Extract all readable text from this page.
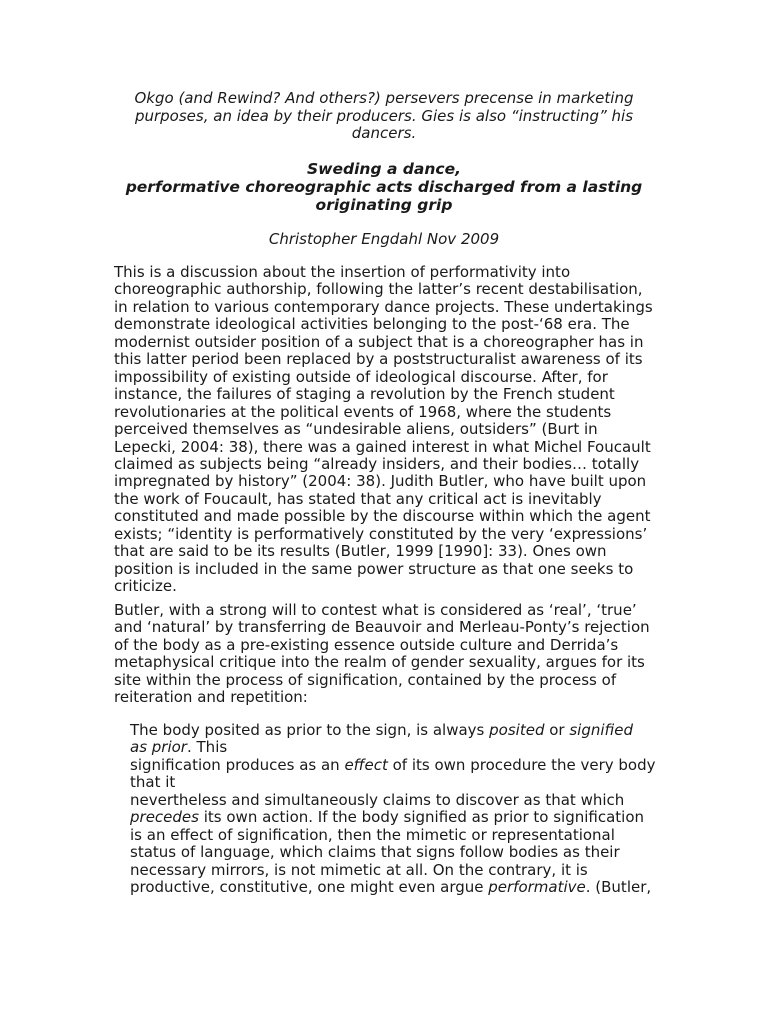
Okgo (and Rewind? And others?) persevers precense in marketing purposes, an idea by their producers. Gies is also “instructing” his dancers.
Sweding a dance,
performative choreographic acts discharged from a lasting originating grip
Christopher Engdahl Nov 2009
This is a discussion about the insertion of performativity into choreographic authorship, following the latter’s recent destabilisation, in relation to various contemporary dance projects. These undertakings demonstrate ideological activities belonging to the post-‘68 era. The modernist outsider position of a subject that is a choreographer has in this latter period been replaced by a poststructuralist awareness of its impossibility of existing outside of ideological discourse. After, for instance, the failures of staging a revolution by the French student revolutionaries at the political events of 1968, where the students perceived themselves as “undesirable aliens, outsiders” (Burt in Lepecki, 2004: 38), there was a gained interest in what Michel Foucault claimed as subjects being “already insiders, and their bodies… totally impregnated by history” (2004: 38). Judith Butler, who have built upon the work of Foucault, has stated that any critical act is inevitably constituted and made possible by the discourse within which the agent exists; “identity is performatively constituted by the very ‘expressions’ that are said to be its results (Butler, 1999 [1990]: 33). Ones own position is included in the same power structure as that one seeks to criticize.
Butler, with a strong will to contest what is considered as ‘real’, ‘true’ and ‘natural’ by transferring de Beauvoir and Merleau-Ponty’s rejection of the body as a pre-existing essence outside culture and Derrida’s metaphysical critique into the realm of gender sexuality, argues for its site within the process of signification, contained by the process of reiteration and repetition:
The body posited as prior to the sign, is always posited or signified
as prior. This
signification produces as an effect of its own procedure the very body that it
nevertheless and simultaneously claims to discover as that which
precedes its own action. If the body signified as prior to signification is an effect of signification, then the mimetic or representational status of language, which claims that signs follow bodies as their necessary mirrors, is not mimetic at all. On the contrary, it is productive, constitutive, one might even argue performative. (Butler,
